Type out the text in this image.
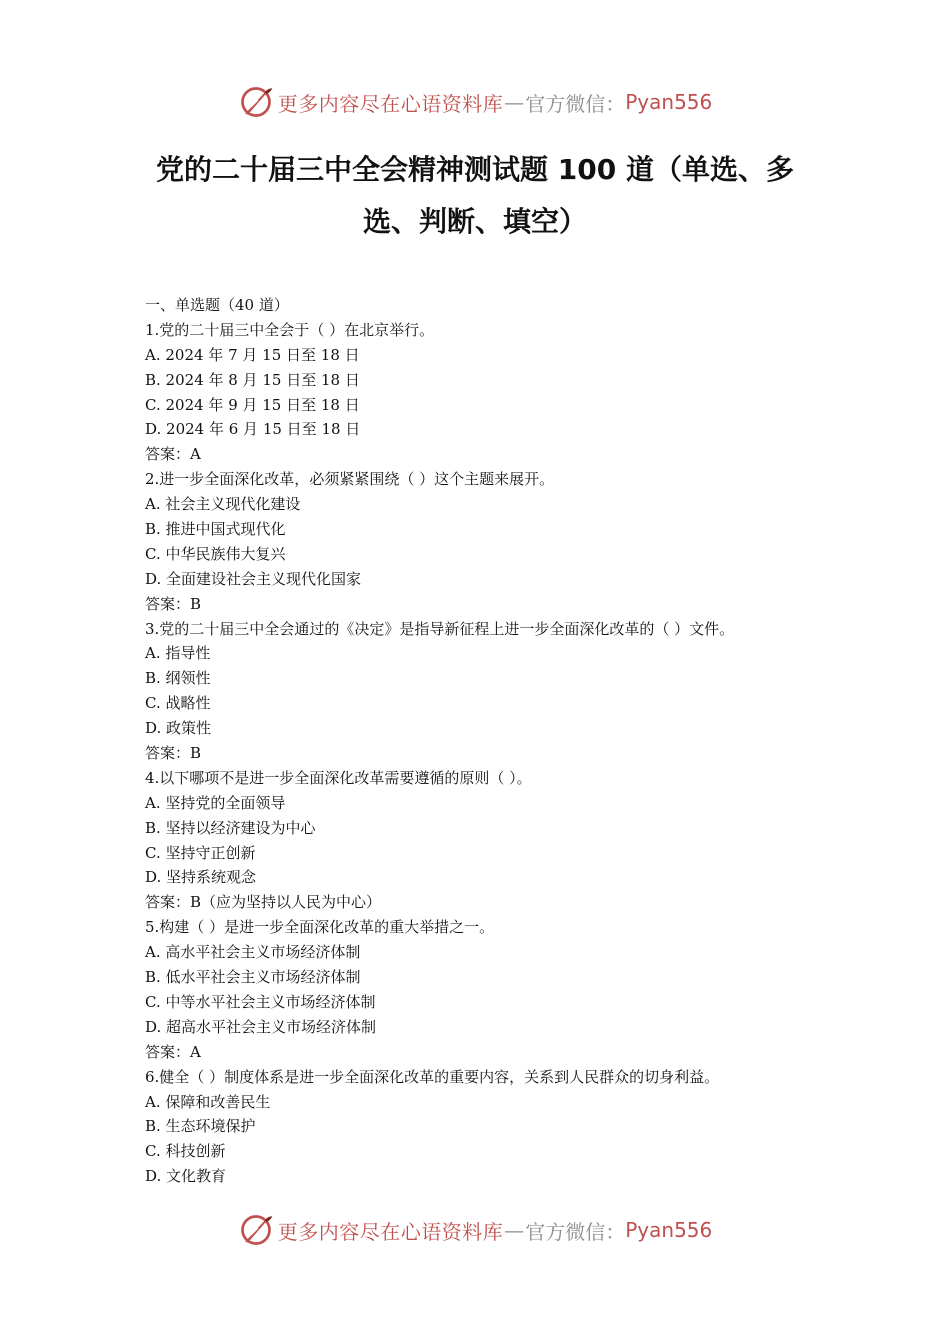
更多内容尽在心语资料库 — 官方微信： Pyan556
党的二十届三中全会精神测试题 100 道（单选、多选、判断、填空）
一、单选题（40 道）
1.党的二十届三中全会于（ ）在北京举行。
A. 2024 年 7 月 15 日至 18 日
B. 2024 年 8 月 15 日至 18 日
C. 2024 年 9 月 15 日至 18 日
D. 2024 年 6 月 15 日至 18 日
答案：A
2.进一步全面深化改革，必须紧紧围绕（ ）这个主题来展开。
A. 社会主义现代化建设
B. 推进中国式现代化
C. 中华民族伟大复兴
D. 全面建设社会主义现代化国家
答案：B
3.党的二十届三中全会通过的《决定》是指导新征程上进一步全面深化改革的（ ）文件。
A. 指导性
B. 纲领性
C. 战略性
D. 政策性
答案：B
4.以下哪项不是进一步全面深化改革需要遵循的原则（ ）。
A. 坚持党的全面领导
B. 坚持以经济建设为中心
C. 坚持守正创新
D. 坚持系统观念
答案：B（应为坚持以人民为中心）
5.构建（ ）是进一步全面深化改革的重大举措之一。
A. 高水平社会主义市场经济体制
B. 低水平社会主义市场经济体制
C. 中等水平社会主义市场经济体制
D. 超高水平社会主义市场经济体制
答案：A
6.健全（ ）制度体系是进一步全面深化改革的重要内容，关系到人民群众的切身利益。
A. 保障和改善民生
B. 生态环境保护
C. 科技创新
D. 文化教育
更多内容尽在心语资料库 — 官方微信： Pyan556
